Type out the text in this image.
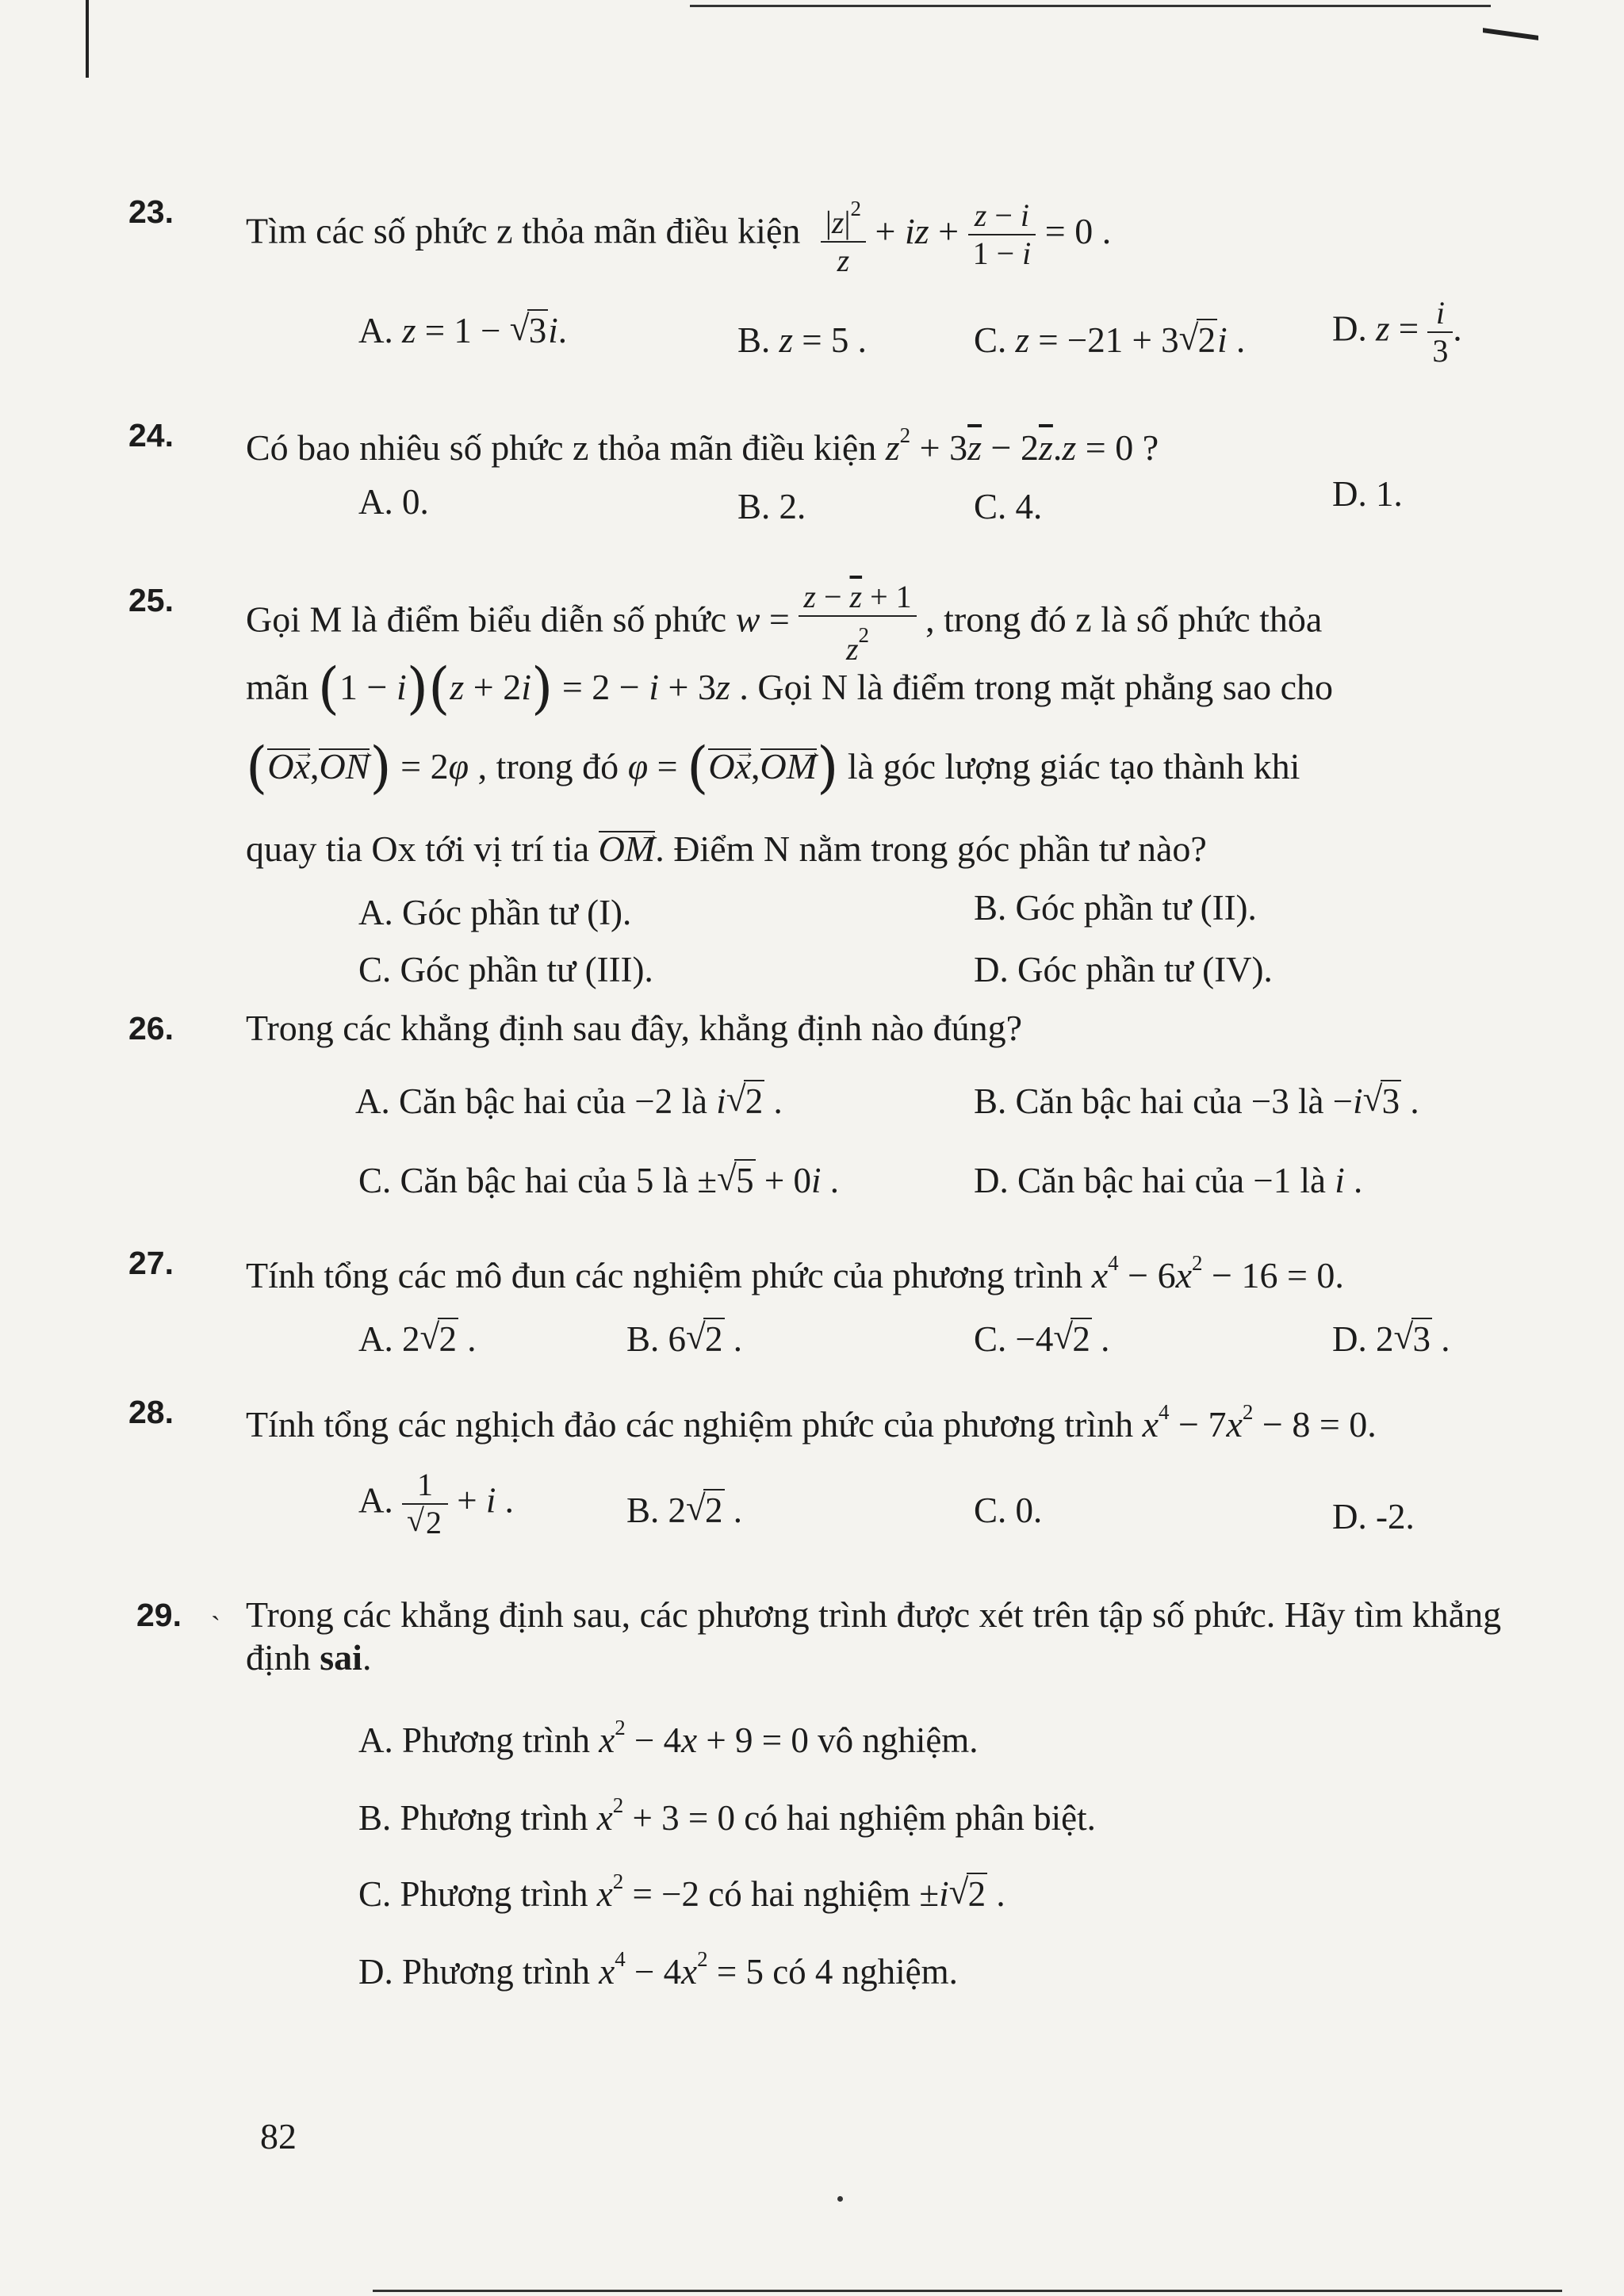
23. Tìm các số phức z thỏa mãn điều kiện $\frac{|z|^2}{z}$ + iz + $\frac{z - i}{1 - i} = 0$ .
A. z = 1 − √ 3i.	B. z = 5 .	C. z = −21 + 3 √ 2i . D. $z = \frac{i}{3}$ .
24. Có bao nhiêu số phức z thỏa mãn điều kiện $z^2 + 3\overline{z} - 2\overline{z}.z = 0$ ?
A. 0.	B. 2.	C. 4.	D. 1.
25. Gọi M là điểm biểu diễn số phức $w = \frac{z - \overline{z} + 1}{z^2}$ , trong đó z là số phức thỏa
mãn (1 − i)(z + 2i) = 2 − i + 3z . Gọi N là điểm trong mặt phẳng sao cho
(→ Ox,→ ON) = 2φ , trong đó φ = (→ Ox,→ OM) là góc lượng giác tạo thành khi
quay tia Ox tới vị trí tia → OM. Điểm N nằm trong góc phần tư nào?
A. Góc phần tư (I).	B. Góc phần tư (II).
C. Góc phần tư (III).	D. Góc phần tư (IV).
26. Trong các khẳng định sau đây, khẳng định nào đúng?
A. Căn bậc hai của −2 là i √ 2 .	B. Căn bậc hai của −3 là −i √ 3 .
C. Căn bậc hai của 5 là ± √ 5 + 0i .	D. Căn bậc hai của −1 là i .
27. Tính tổng các mô đun các nghiệm phức của phương trình $x^4 - 6x^2 - 16 = 0$.
A. 2 √ 2 .	B. 6 √ 2 .	C. −4 √ 2 .	D. 2 √ 3 .
28. Tính tổng các nghịch đảo các nghiệm phức của phương trình $x^4 - 7x^2 - 8 = 0$.
A. 1
√ 2 + i .	B. 2 √ 2 .	C. 0.	D. -2.
`
29. Trong các khẳng định sau, các phương trình được xét trên tập số phức. Hãy tìm khẳng định sai.
A. Phương trình $x^2 - 4x + 9 = 0$ vô nghiệm.
B. Phương trình $x^2 + 3 = 0$ có hai nghiệm phân biệt.
C. Phương trình $x^2 = -2$ có hai nghiệm ±i √ 2 .
D. Phương trình $x^4 - 4x^2 = 5$ có 4 nghiệm.
82
